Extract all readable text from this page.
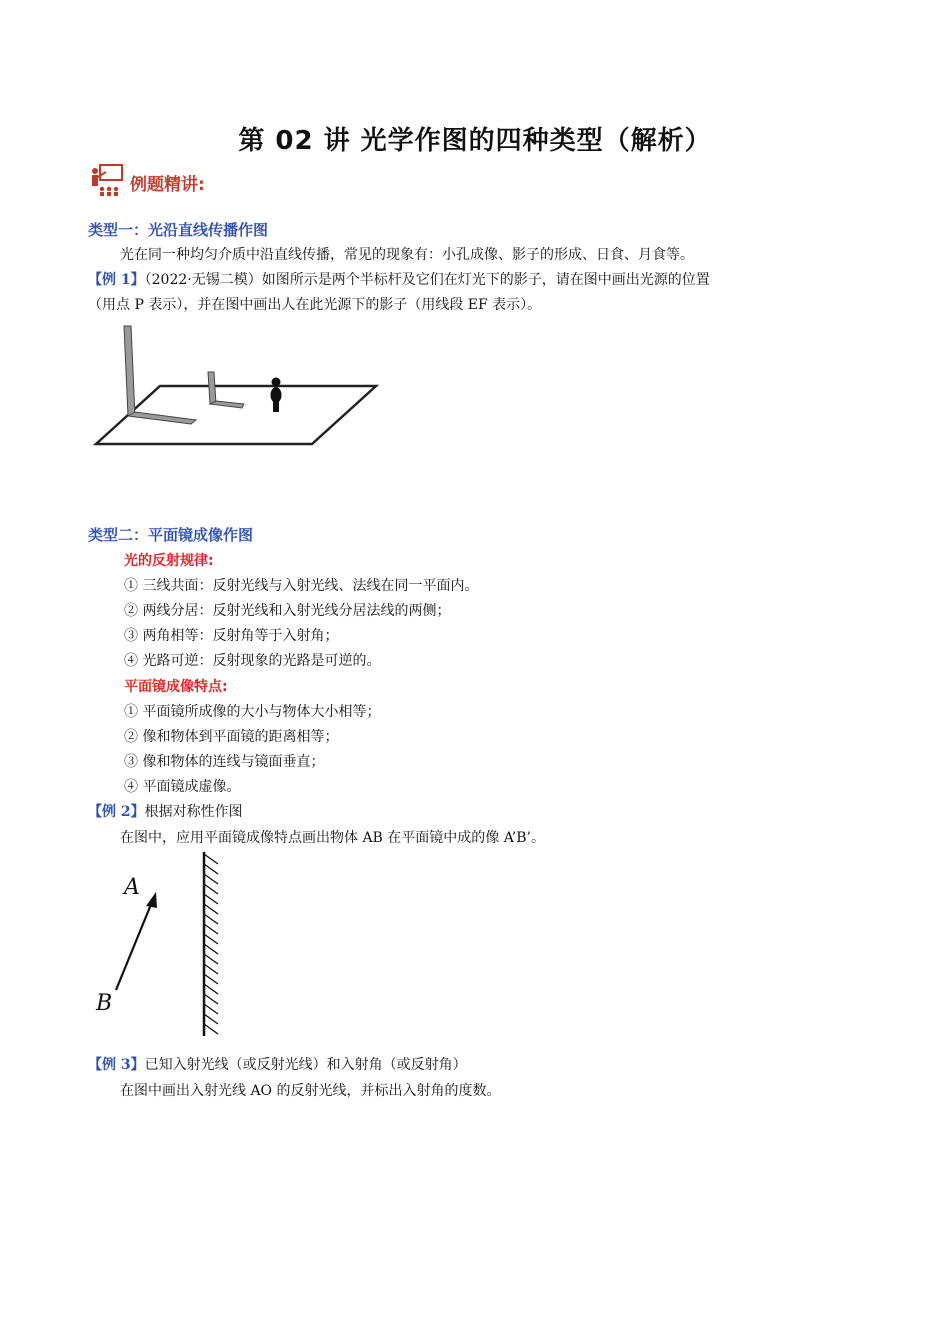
第 02 讲 光学作图的四种类型（解析）
例题精讲:
类型一：光沿直线传播作图
光在同一种均匀介质中沿直线传播，常见的现象有：小孔成像、影子的形成、日食、月食等。
【例 1】（2022·无锡二模）如图所示是两个半标杆及它们在灯光下的影子，请在图中画出光源的位置
（用点 P 表示），并在图中画出人在此光源下的影子（用线段 EF 表示）。
类型二：平面镜成像作图
光的反射规律:
① 三线共面：反射光线与入射光线、法线在同一平面内。
② 两线分居：反射光线和入射光线分居法线的两侧；
③ 两角相等：反射角等于入射角；
④ 光路可逆：反射现象的光路是可逆的。
平面镜成像特点:
① 平面镜所成像的大小与物体大小相等；
② 像和物体到平面镜的距离相等；
③ 像和物体的连线与镜面垂直；
④ 平面镜成虚像。
【例 2】根据对称性作图
在图中，应用平面镜成像特点画出物体 AB 在平面镜中成的像 A’B’。
A
B
【例 3】已知入射光线（或反射光线）和入射角（或反射角）
在图中画出入射光线 AO 的反射光线，并标出入射角的度数。
